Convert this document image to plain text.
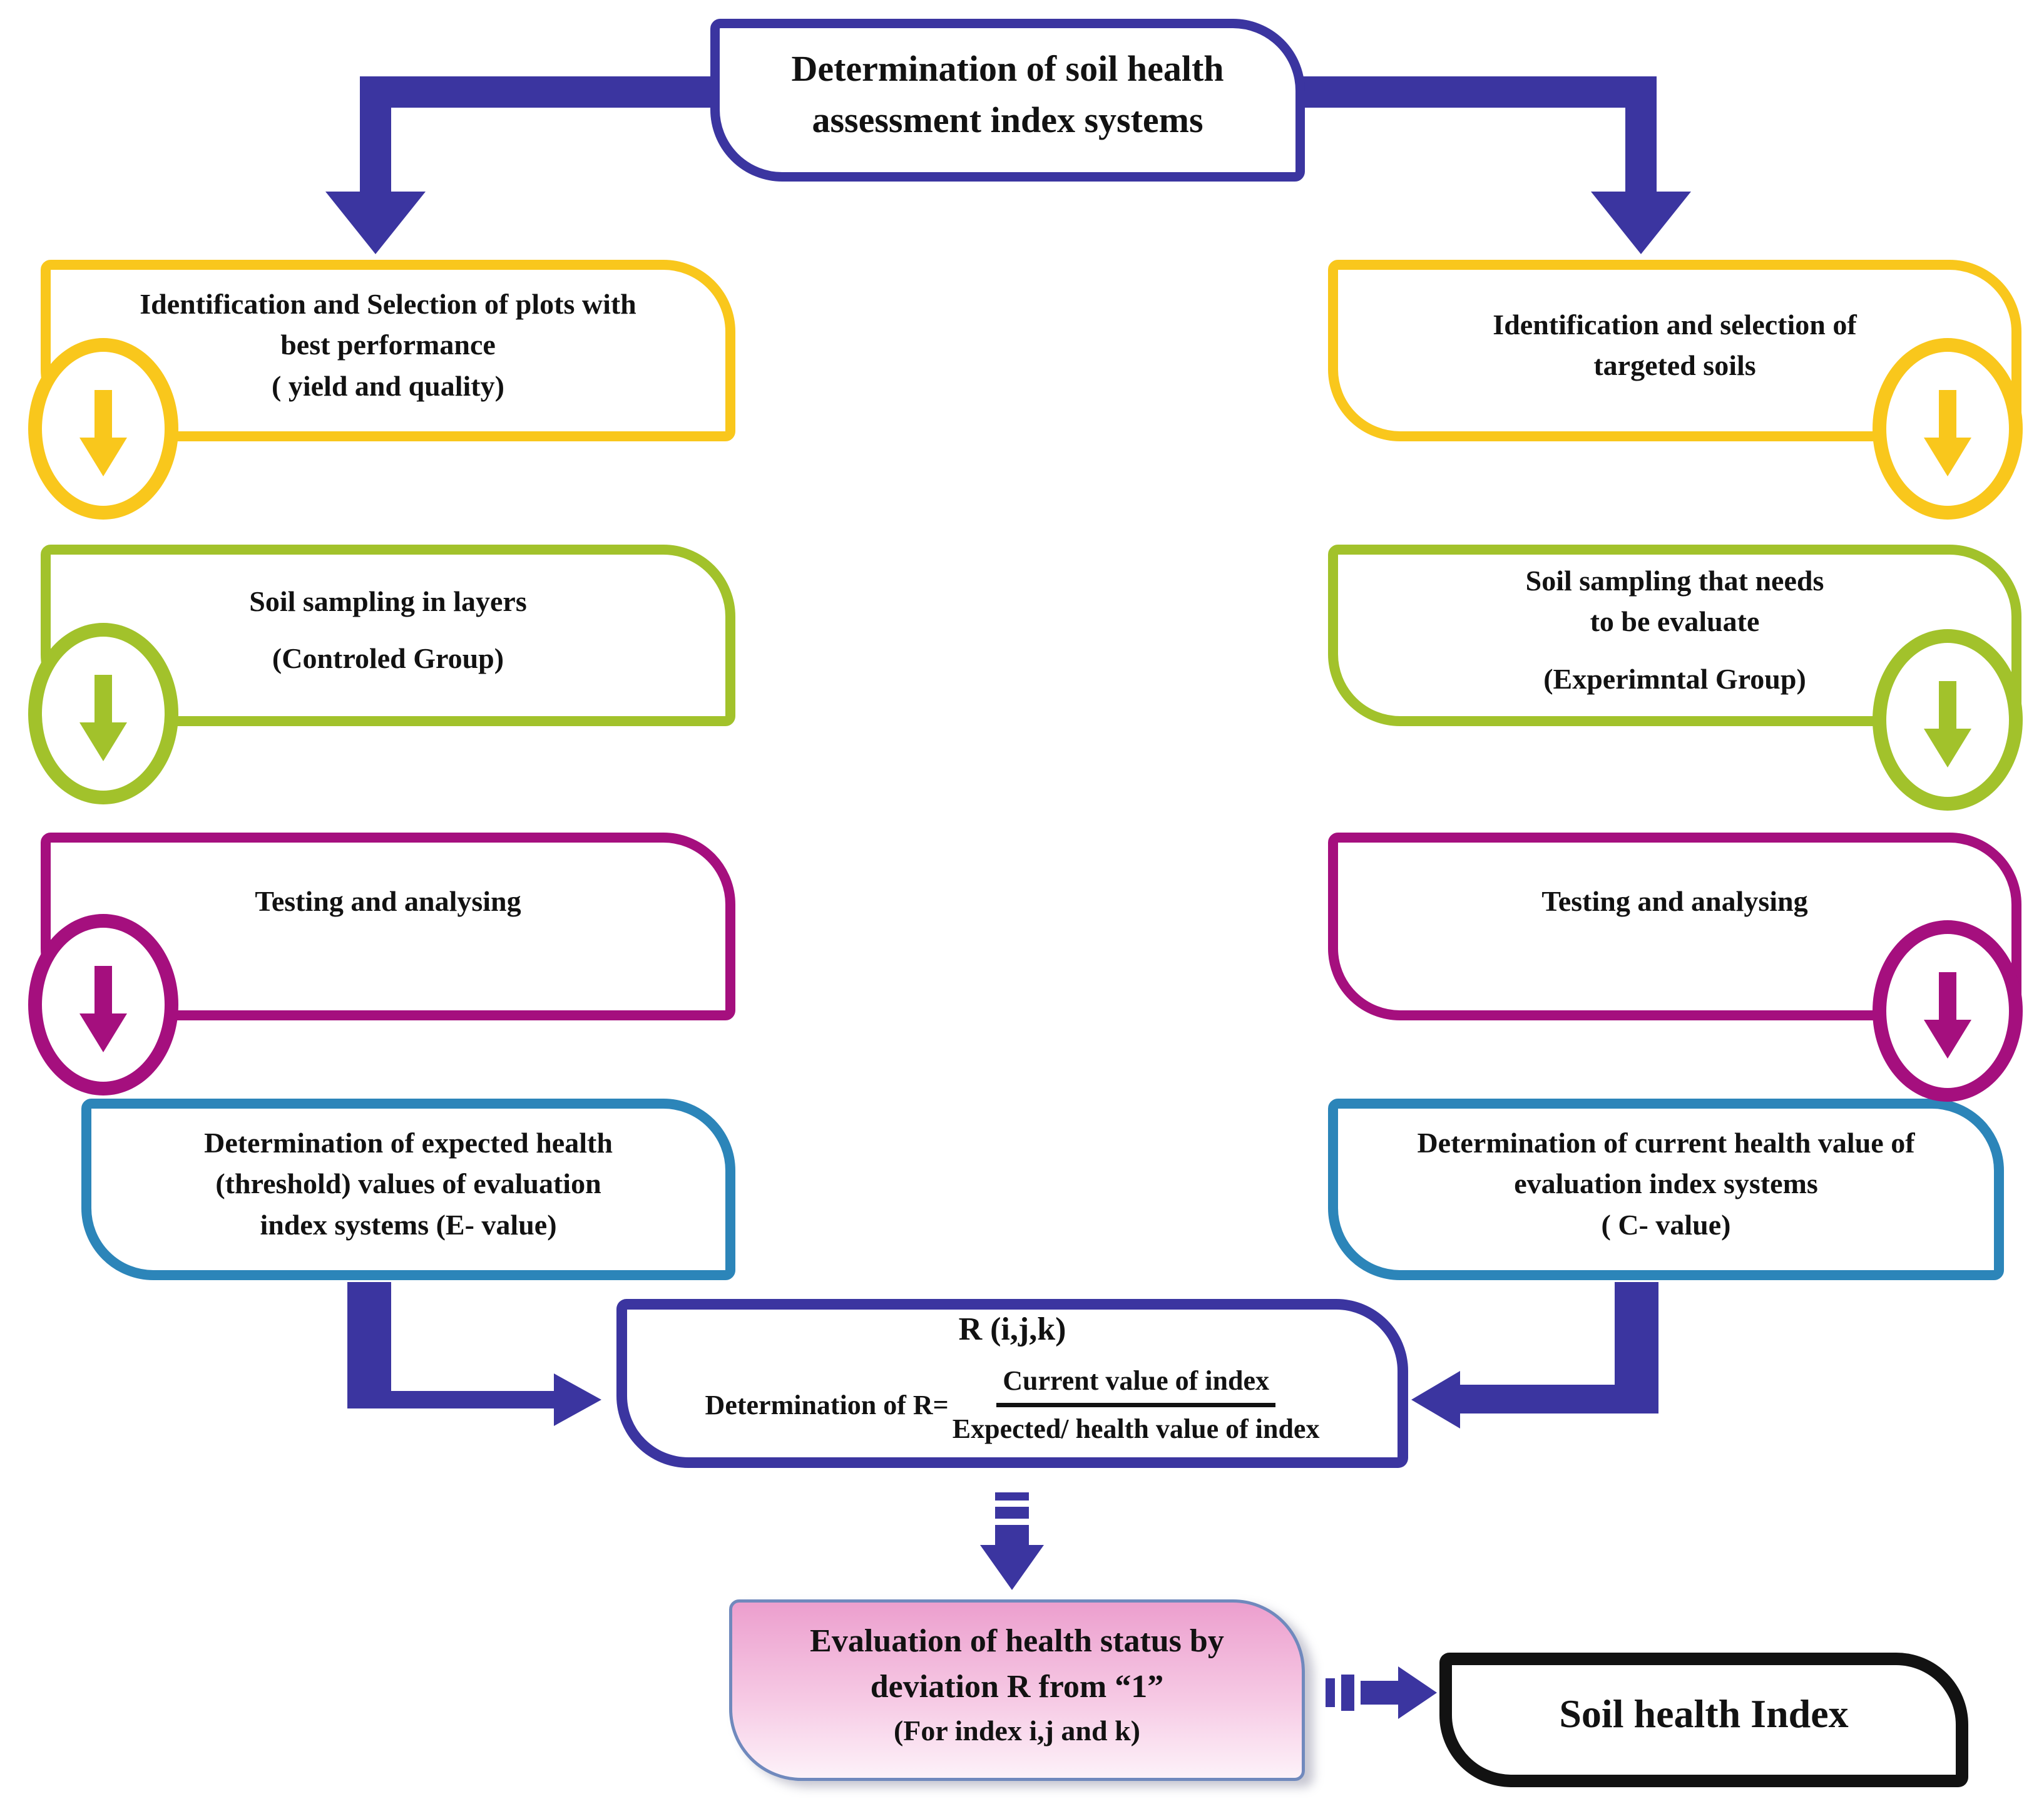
Determination of soil health
assessment index systems
Identification and Selection of plots with
best performance
( yield and quality)
Identification and selection of
targeted soils
Soil sampling in layers
(Controled Group)
Soil sampling that needs
to be evaluate
(Experimntal Group)
Testing and analysing	Testing and analysing
Determination of expected health
(threshold) values of evaluation
index systems (E- value)
Determination of current health value of
evaluation index systems
( C- value)
R (i,j,k)
Determination of $R= \frac{\text{Current value of index}}{\text{Expected/ health value of index}}$
Evaluation of health status by
deviation R from “1”
(For index i,j and k)	Soil health Index
